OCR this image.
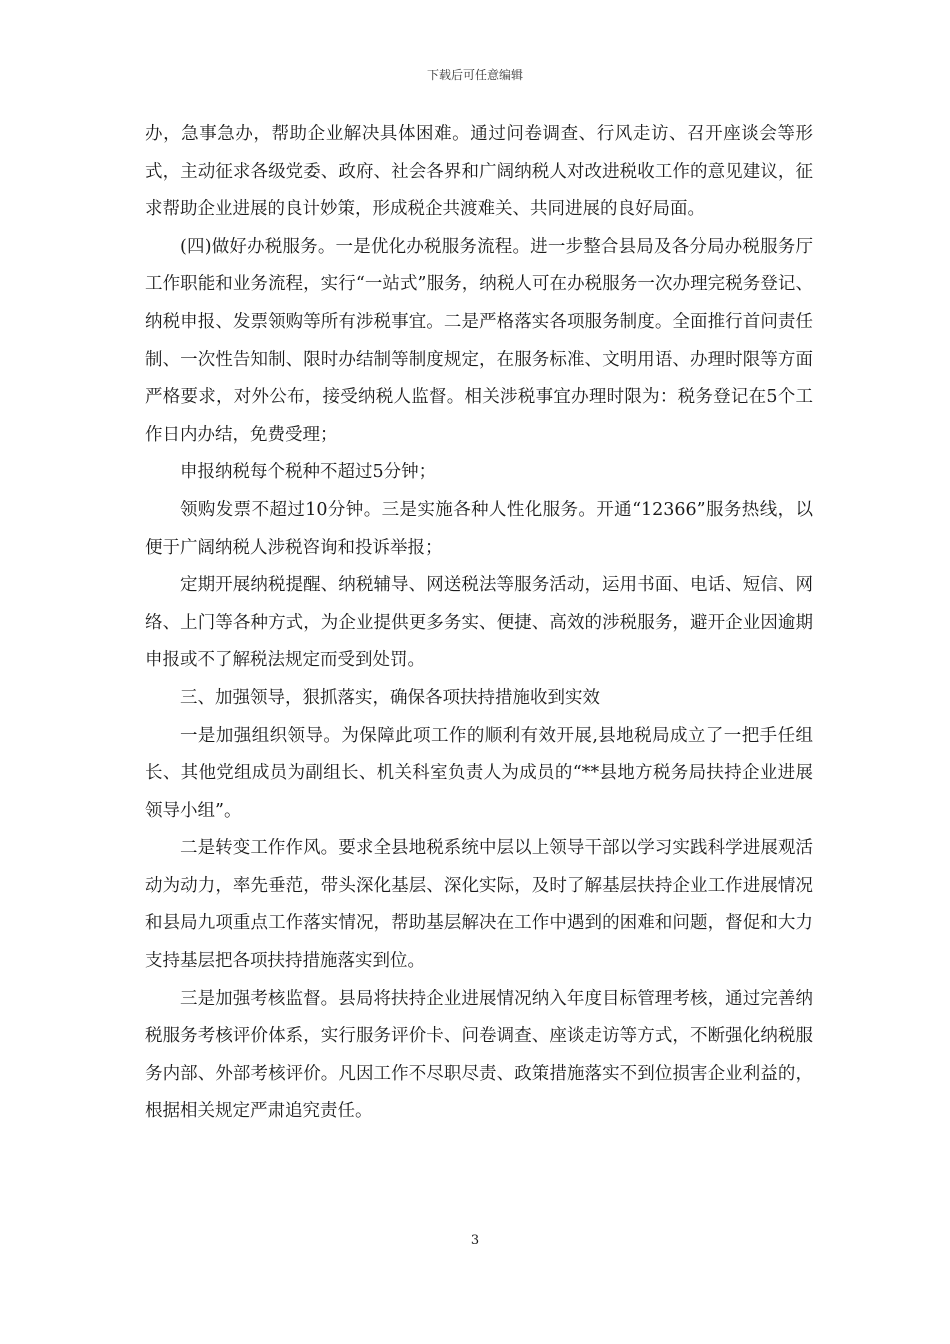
下载后可任意编辑

办，急事急办，帮助企业解决具体困难。通过问卷调查、行风走访、召开座谈会等形式，主动征求各级党委、政府、社会各界和广阔纳税人对改进税收工作的意见建议，征求帮助企业进展的良计妙策，形成税企共渡难关、共同进展的良好局面。

(四)做好办税服务。一是优化办税服务流程。进一步整合县局及各分局办税服务厅工作职能和业务流程，实行“一站式”服务，纳税人可在办税服务一次办理完税务登记、纳税申报、发票领购等所有涉税事宜。二是严格落实各项服务制度。全面推行首问责任制、一次性告知制、限时办结制等制度规定，在服务标准、文明用语、办理时限等方面严格要求，对外公布，接受纳税人监督。相关涉税事宜办理时限为：税务登记在5个工作日内办结，免费受理；

申报纳税每个税种不超过5分钟；

领购发票不超过10分钟。三是实施各种人性化服务。开通“12366”服务热线，以便于广阔纳税人涉税咨询和投诉举报；

定期开展纳税提醒、纳税辅导、网送税法等服务活动，运用书面、电话、短信、网络、上门等各种方式，为企业提供更多务实、便捷、高效的涉税服务，避开企业因逾期申报或不了解税法规定而受到处罚。

三、加强领导，狠抓落实，确保各项扶持措施收到实效

一是加强组织领导。为保障此项工作的顺利有效开展,县地税局成立了一把手任组长、其他党组成员为副组长、机关科室负责人为成员的“**县地方税务局扶持企业进展领导小组”。

二是转变工作作风。要求全县地税系统中层以上领导干部以学习实践科学进展观活动为动力，率先垂范，带头深化基层、深化实际，及时了解基层扶持企业工作进展情况和县局九项重点工作落实情况，帮助基层解决在工作中遇到的困难和问题，督促和大力支持基层把各项扶持措施落实到位。

三是加强考核监督。县局将扶持企业进展情况纳入年度目标管理考核，通过完善纳税服务考核评价体系，实行服务评价卡、问卷调查、座谈走访等方式，不断强化纳税服务内部、外部考核评价。凡因工作不尽职尽责、政策措施落实不到位损害企业利益的，根据相关规定严肃追究责任。

3
